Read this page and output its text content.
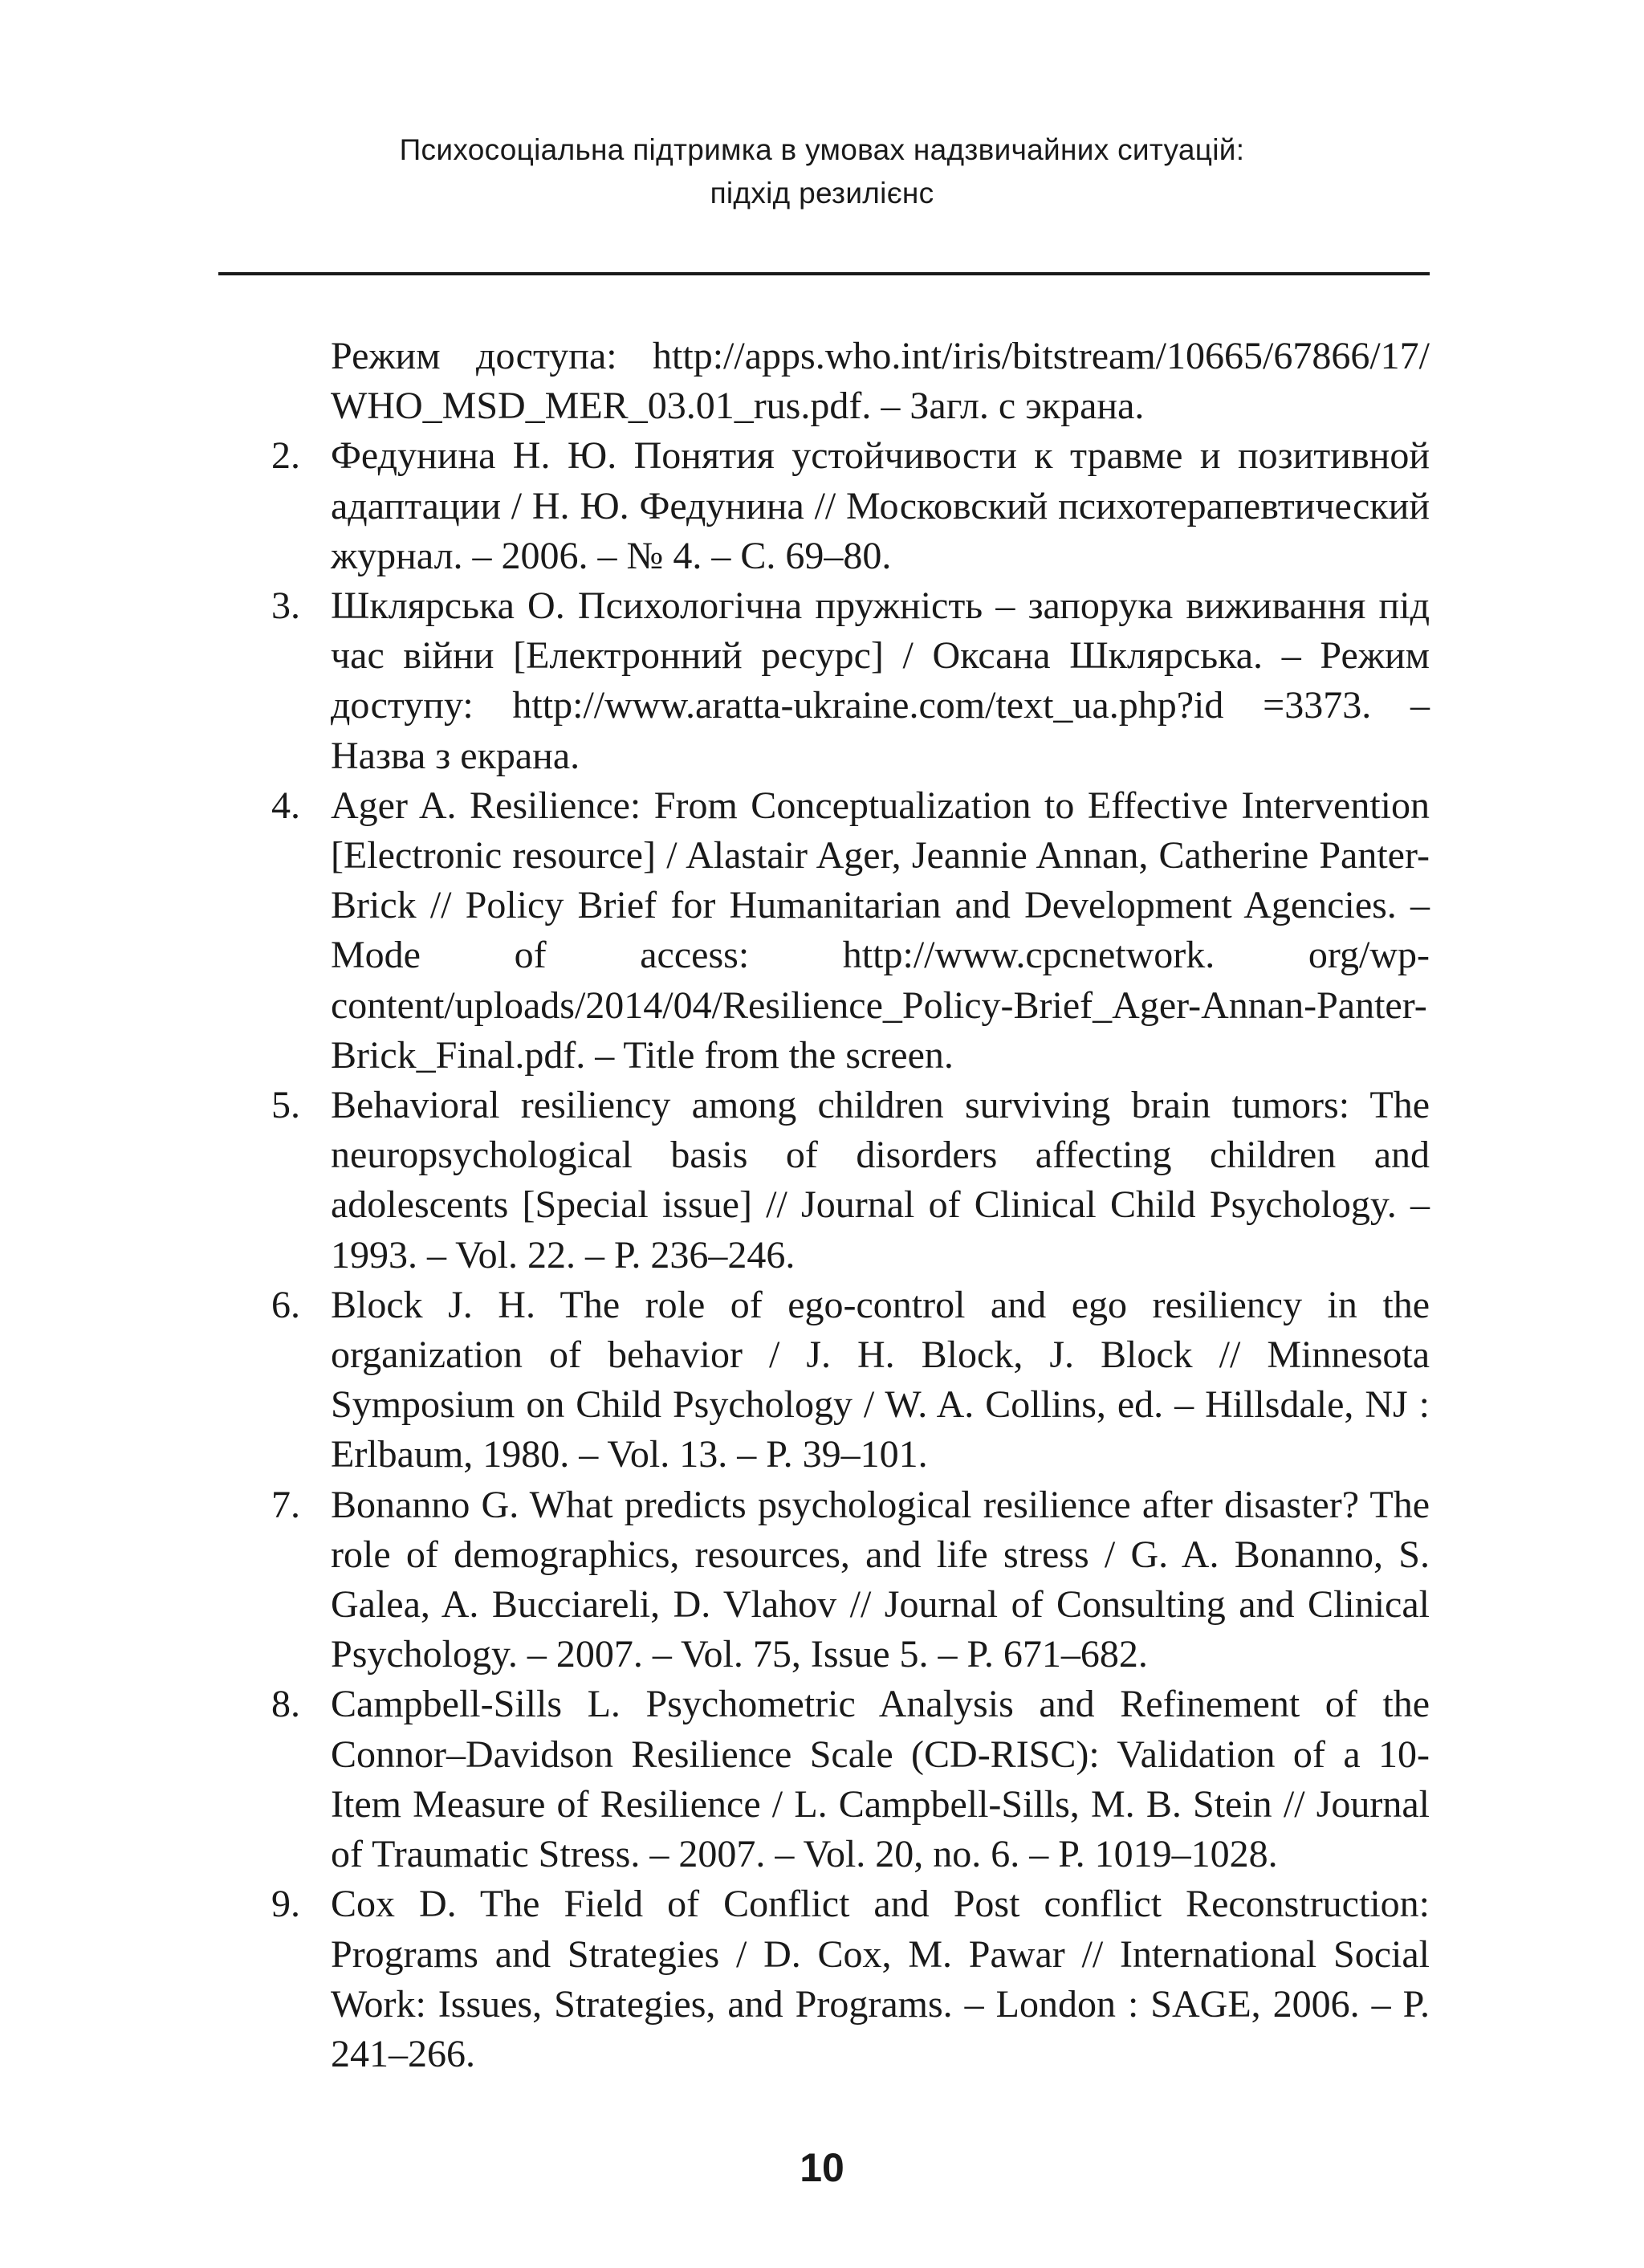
Психосоціальна підтримка в умовах надзвичайних ситуацій:
підхід резилієнс
Режим доступа: http://apps.who.int/iris/bitstream/10665/67866/17/ WHO_MSD_MER_03.01_rus.pdf. – Загл. с экрана.
2. Федунина Н. Ю. Понятия устойчивости к травме и позитивной адаптации / Н. Ю. Федунина // Московский психотерапевтический журнал. – 2006. – № 4. – С. 69–80.
3. Шклярська О. Психологічна пружність – запорука виживання під час війни [Електронний ресурс] / Оксана Шклярська. – Режим доступу: http://www.aratta-ukraine.com/text_ua.php?id =3373. – Назва з екрана.
4. Ager A. Resilience: From Conceptualization to Effective Intervention [Electronic resource] / Alastair Ager, Jeannie Annan, Catherine Panter-Brick // Policy Brief for Humanitarian and Development Agencies. – Mode of access: http://www.cpcnetwork. org/wp-content/uploads/2014/04/Resilience_Policy-Brief_Ager-Annan-Panter-Brick_Final.pdf. – Title from the screen.
5. Behavioral resiliency among children surviving brain tumors: The neuropsychological basis of disorders affecting children and adolescents [Special issue] // Journal of Clinical Child Psychology. – 1993. – Vol. 22. – P. 236–246.
6. Block J. H. The role of ego-control and ego resiliency in the organization of behavior / J. H. Block, J. Block // Minnesota Symposium on Child Psychology / W. A. Collins, ed. – Hillsdale, NJ : Erlbaum, 1980. – Vol. 13. – P. 39–101.
7. Bonanno G. What predicts psychological resilience after disaster? The role of demographics, resources, and life stress / G. A. Bonanno, S. Galea, A. Bucciareli, D. Vlahov // Journal of Consulting and Clinical Psychology. – 2007. – Vol. 75, Issue 5. – P. 671–682.
8. Campbell-Sills L. Psychometric Analysis and Refinement of the Connor–Davidson Resilience Scale (CD-RISC): Validation of a 10-Item Measure of Resilience / L. Campbell-Sills, M. B. Stein // Journal of Traumatic Stress. – 2007. – Vol. 20, no. 6. – P. 1019–1028.
9. Cox D. The Field of Conflict and Post conflict Reconstruction: Programs and Strategies / D. Cox, M. Pawar // International Social Work: Issues, Strategies, and Programs. – London : SAGE, 2006. – P. 241–266.
10
